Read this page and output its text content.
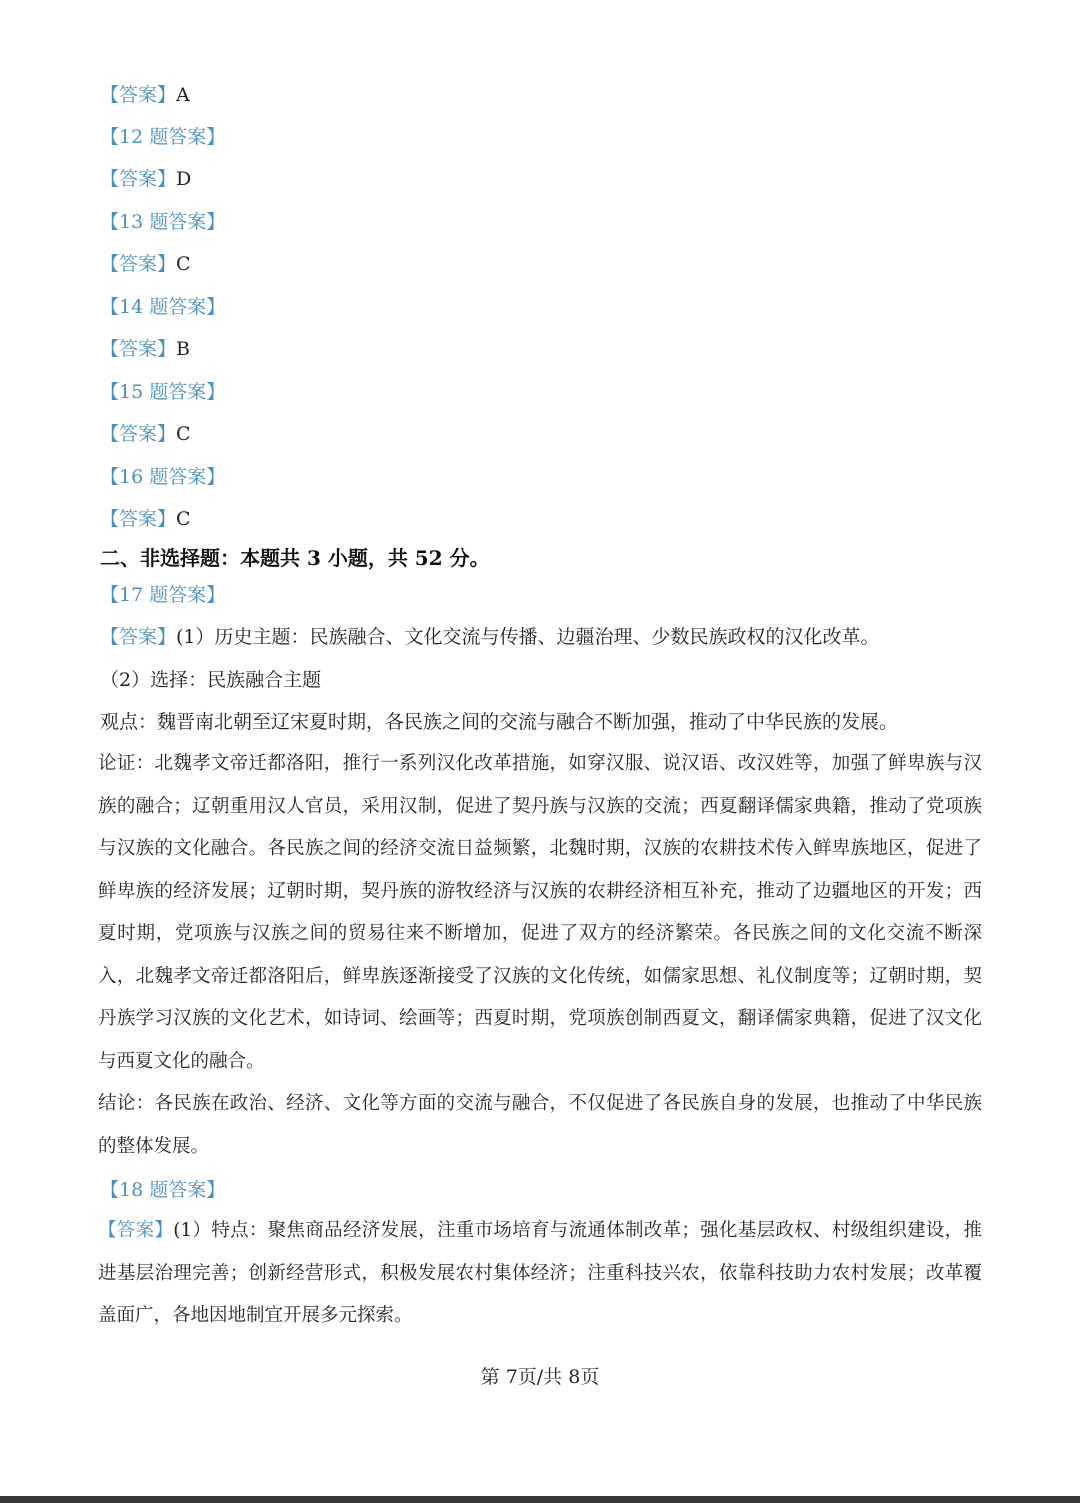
【答案】A
【12 题答案】
【答案】D
【13 题答案】
【答案】C
【14 题答案】
【答案】B
【15 题答案】
【答案】C
【16 题答案】
【答案】C
二、非选择题：本题共 3 小题，共 52 分。
【17 题答案】
【答案】(1）历史主题：民族融合、文化交流与传播、边疆治理、少数民族政权的汉化改革。
（2）选择：民族融合主题
观点：魏晋南北朝至辽宋夏时期，各民族之间的交流与融合不断加强，推动了中华民族的发展。
论证：北魏孝文帝迁都洛阳，推行一系列汉化改革措施，如穿汉服、说汉语、改汉姓等，加强了鲜卑族与汉族的融合；辽朝重用汉人官员，采用汉制，促进了契丹族与汉族的交流；西夏翻译儒家典籍，推动了党项族与汉族的文化融合。各民族之间的经济交流日益频繁，北魏时期，汉族的农耕技术传入鲜卑族地区，促进了鲜卑族的经济发展；辽朝时期，契丹族的游牧经济与汉族的农耕经济相互补充，推动了边疆地区的开发；西夏时期，党项族与汉族之间的贸易往来不断增加，促进了双方的经济繁荣。各民族之间的文化交流不断深入，北魏孝文帝迁都洛阳后，鲜卑族逐渐接受了汉族的文化传统，如儒家思想、礼仪制度等；辽朝时期，契丹族学习汉族的文化艺术，如诗词、绘画等；西夏时期，党项族创制西夏文，翻译儒家典籍，促进了汉文化与西夏文化的融合。
结论：各民族在政治、经济、文化等方面的交流与融合，不仅促进了各民族自身的发展，也推动了中华民族的整体发展。
【18 题答案】
【答案】(1）特点：聚焦商品经济发展，注重市场培育与流通体制改革；强化基层政权、村级组织建设，推进基层治理完善；创新经营形式，积极发展农村集体经济；注重科技兴农，依靠科技助力农村发展；改革覆盖面广，各地因地制宜开展多元探索。
第 7页/共 8页
